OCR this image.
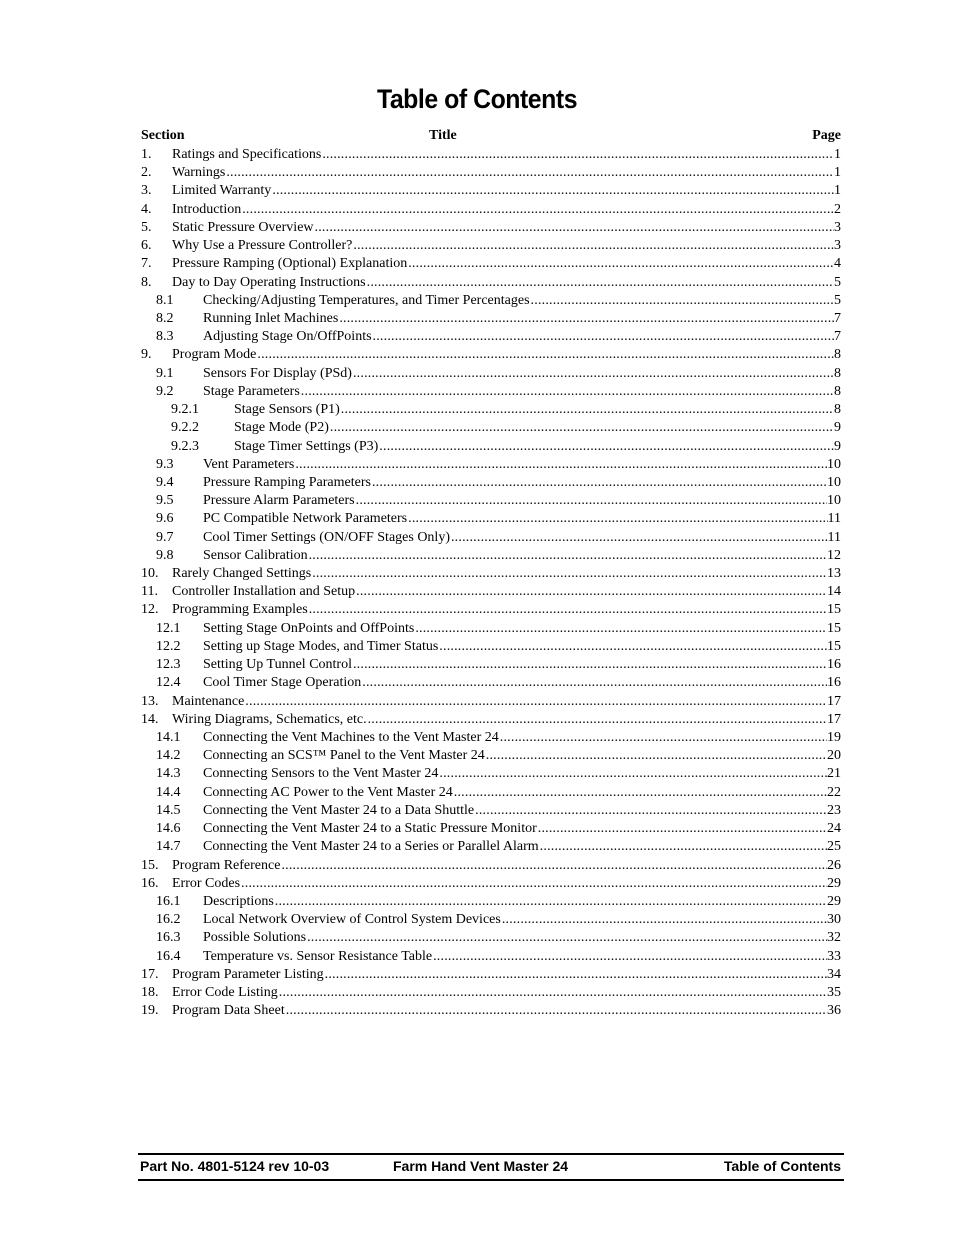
Table of Contents
Section	Title	Page
1. Ratings and Specifications .....	1
2. Warnings .....	1
3. Limited Warranty .....	1
4. Introduction .....	2
5. Static Pressure Overview .....	3
6. Why Use a Pressure Controller? .....	3
7. Pressure Ramping (Optional) Explanation .....	4
8. Day to Day Operating Instructions .....	5
8.1 Checking/Adjusting Temperatures, and Timer Percentages .....	5
8.2 Running Inlet Machines .....	7
8.3 Adjusting Stage On/OffPoints .....	7
9. Program Mode .....	8
9.1 Sensors For Display (PSd) .....	8
9.2 Stage Parameters .....	8
9.2.1	Stage Sensors (P1) .....	8
9.2.2	Stage Mode (P2) .....	9
9.2.3	Stage Timer Settings (P3) .....	9
9.3 Vent Parameters .....	10
9.4 Pressure Ramping Parameters .....	10
9.5 Pressure Alarm Parameters .....	10
9.6 PC Compatible Network Parameters .....	11
9.7 Cool Timer Settings (ON/OFF Stages Only) .....	11
9.8 Sensor Calibration .....	12
10. Rarely Changed Settings .....	13
11. Controller Installation and Setup .....	14
12. Programming Examples .....	15
12.1 Setting Stage OnPoints and OffPoints .....	15
12.2 Setting up Stage Modes, and Timer Status .....	15
12.3 Setting Up Tunnel Control .....	16
12.4 Cool Timer Stage Operation .....	16
13. Maintenance .....	17
14. Wiring Diagrams, Schematics, etc. .....	17
14.1 Connecting the Vent Machines to the Vent Master 24 .....	19
14.2 Connecting an SCS™ Panel to the Vent Master 24 .....	20
14.3 Connecting Sensors to the Vent Master 24 .....	21
14.4 Connecting AC Power to the Vent Master 24 .....	22
14.5 Connecting the Vent Master 24 to a Data Shuttle .....	23
14.6 Connecting the Vent Master 24 to a Static Pressure Monitor .....	24
14.7 Connecting the Vent Master 24 to a Series or Parallel Alarm .....	25
15. Program Reference .....	26
16. Error Codes .....	29
16.1 Descriptions .....	29
16.2 Local Network Overview of Control System Devices .....	30
16.3 Possible Solutions .....	32
16.4 Temperature vs. Sensor Resistance Table .....	33
17. Program Parameter Listing .....	34
18. Error Code Listing .....	35
19. Program Data Sheet .....	36
Part No. 4801-5124 rev 10-03	Farm Hand Vent Master 24	Table of Contents
